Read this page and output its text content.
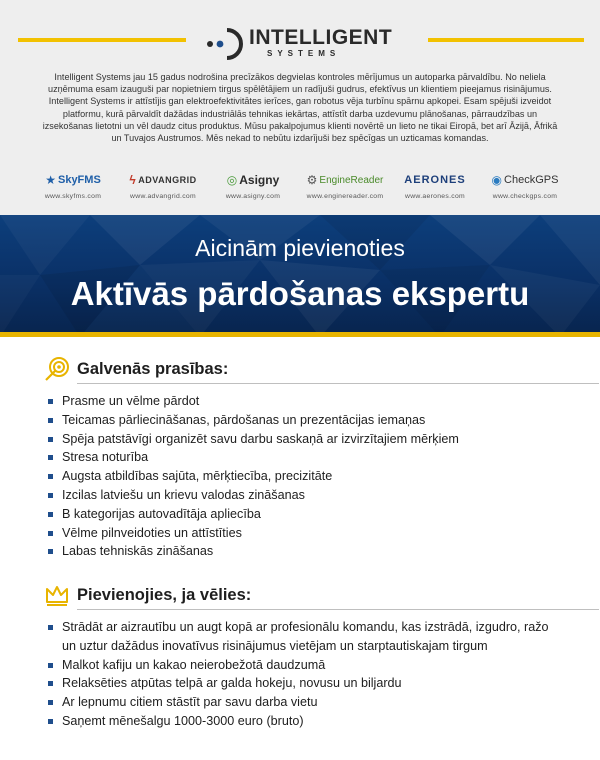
INTELLIGENT
SYSTEMS

Intelligent Systems jau 15 gadus nodrošina precīzākos degvielas kontroles mērījumus un autoparka pārvaldību. No neliela uzņēmuma esam izauguši par nopietniem tirgus spēlētājiem un radījuši gudrus, efektīvus un klientiem pieejamus risinājumus. Intelligent Systems ir attīstījis gan elektroefektivitātes ierīces, gan robotus vēja turbīnu spārnu apkopei. Esam spējuši izveidot platformu, kurā pārvaldīt dažādas industriālās tehnikas iekārtas, attīstīt darba uzdevumu plānošanas, pārraudzības un izsekošanas lietotni un vēl daudz citus produktus. Mūsu pakalpojumus klienti novērtē un lieto ne tikai Eiropā, bet arī Āzijā, Āfrikā un Tuvajos Austrumos. Mēs nekad to nebūtu izdarījuši bez spēcīgas un uzticamas komandas.

★ SkyFMS
www.skyfms.com
ϟ ADVANGRID
www.advangrid.com
◎ Asigny
www.asigny.com
⚙ EngineReader
www.enginereader.com
AERONES
www.aerones.com
◉ CheckGPS
www.checkgps.com
Aicinām pievienoties
Aktīvās pārdošanas ekspertu
Galvenās prasības:
Prasme un vēlme pārdot
Teicamas pārliecināšanas, pārdošanas un prezentācijas iemaņas
Spēja patstāvīgi organizēt savu darbu saskaņā ar izvirzītajiem mērķiem
Stresa noturība
Augsta atbildības sajūta, mērķtiecība, precizitāte
Izcilas latviešu un krievu valodas zināšanas
B kategorijas autovadītāja apliecība
Vēlme pilnveidoties un attīstīties
Labas tehniskās zināšanas
Pievienojies, ja vēlies:
Strādāt ar aizrautību un augt kopā ar profesionālu komandu, kas izstrādā, izgudro, ražo un uztur dažādus inovatīvus risinājumus vietējam un starptautiskajam tirgum
Malkot kafiju un kakao neierobežotā daudzumā
Relaksēties atpūtas telpā ar galda hokeju, novusu un biljardu
Ar lepnumu citiem stāstīt par savu darba vietu
Saņemt mēnešalgu 1000-3000 euro (bruto)
